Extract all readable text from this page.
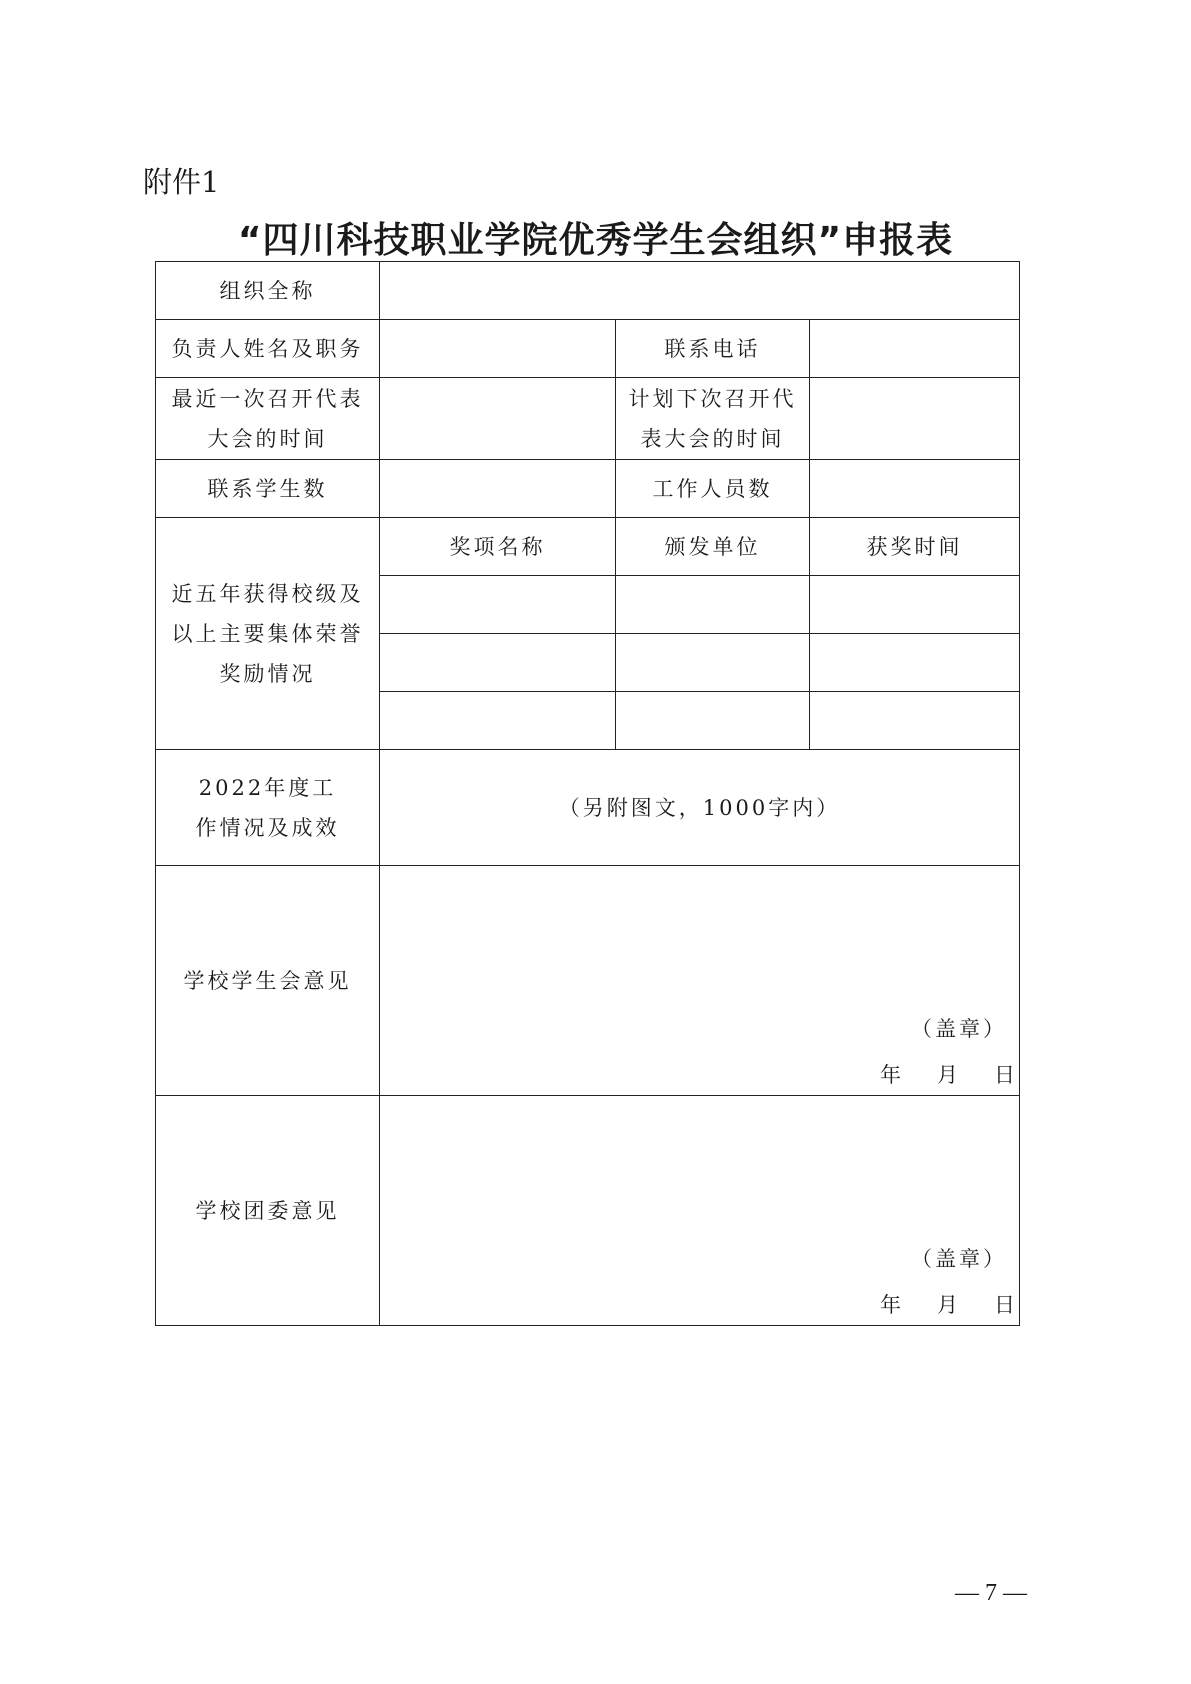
附件1
“四川科技职业学院优秀学生会组织”申报表
组织全称			
负责人姓名及职务		联系电话	

最近一次召开代表大会的时间		计划下次召开代表大会的时间	

联系学生数		工作人员数	

近五年获得校级及以上主要集体荣誉奖励情况	奖项名称	颁发单位	获奖时间

2022年度工作情况及成效	（另附图文，1000字内）		
学校学生会意见	（盖章）
年 月 日		

学校团委意见	（盖章）
年 月 日		
— 7 —
